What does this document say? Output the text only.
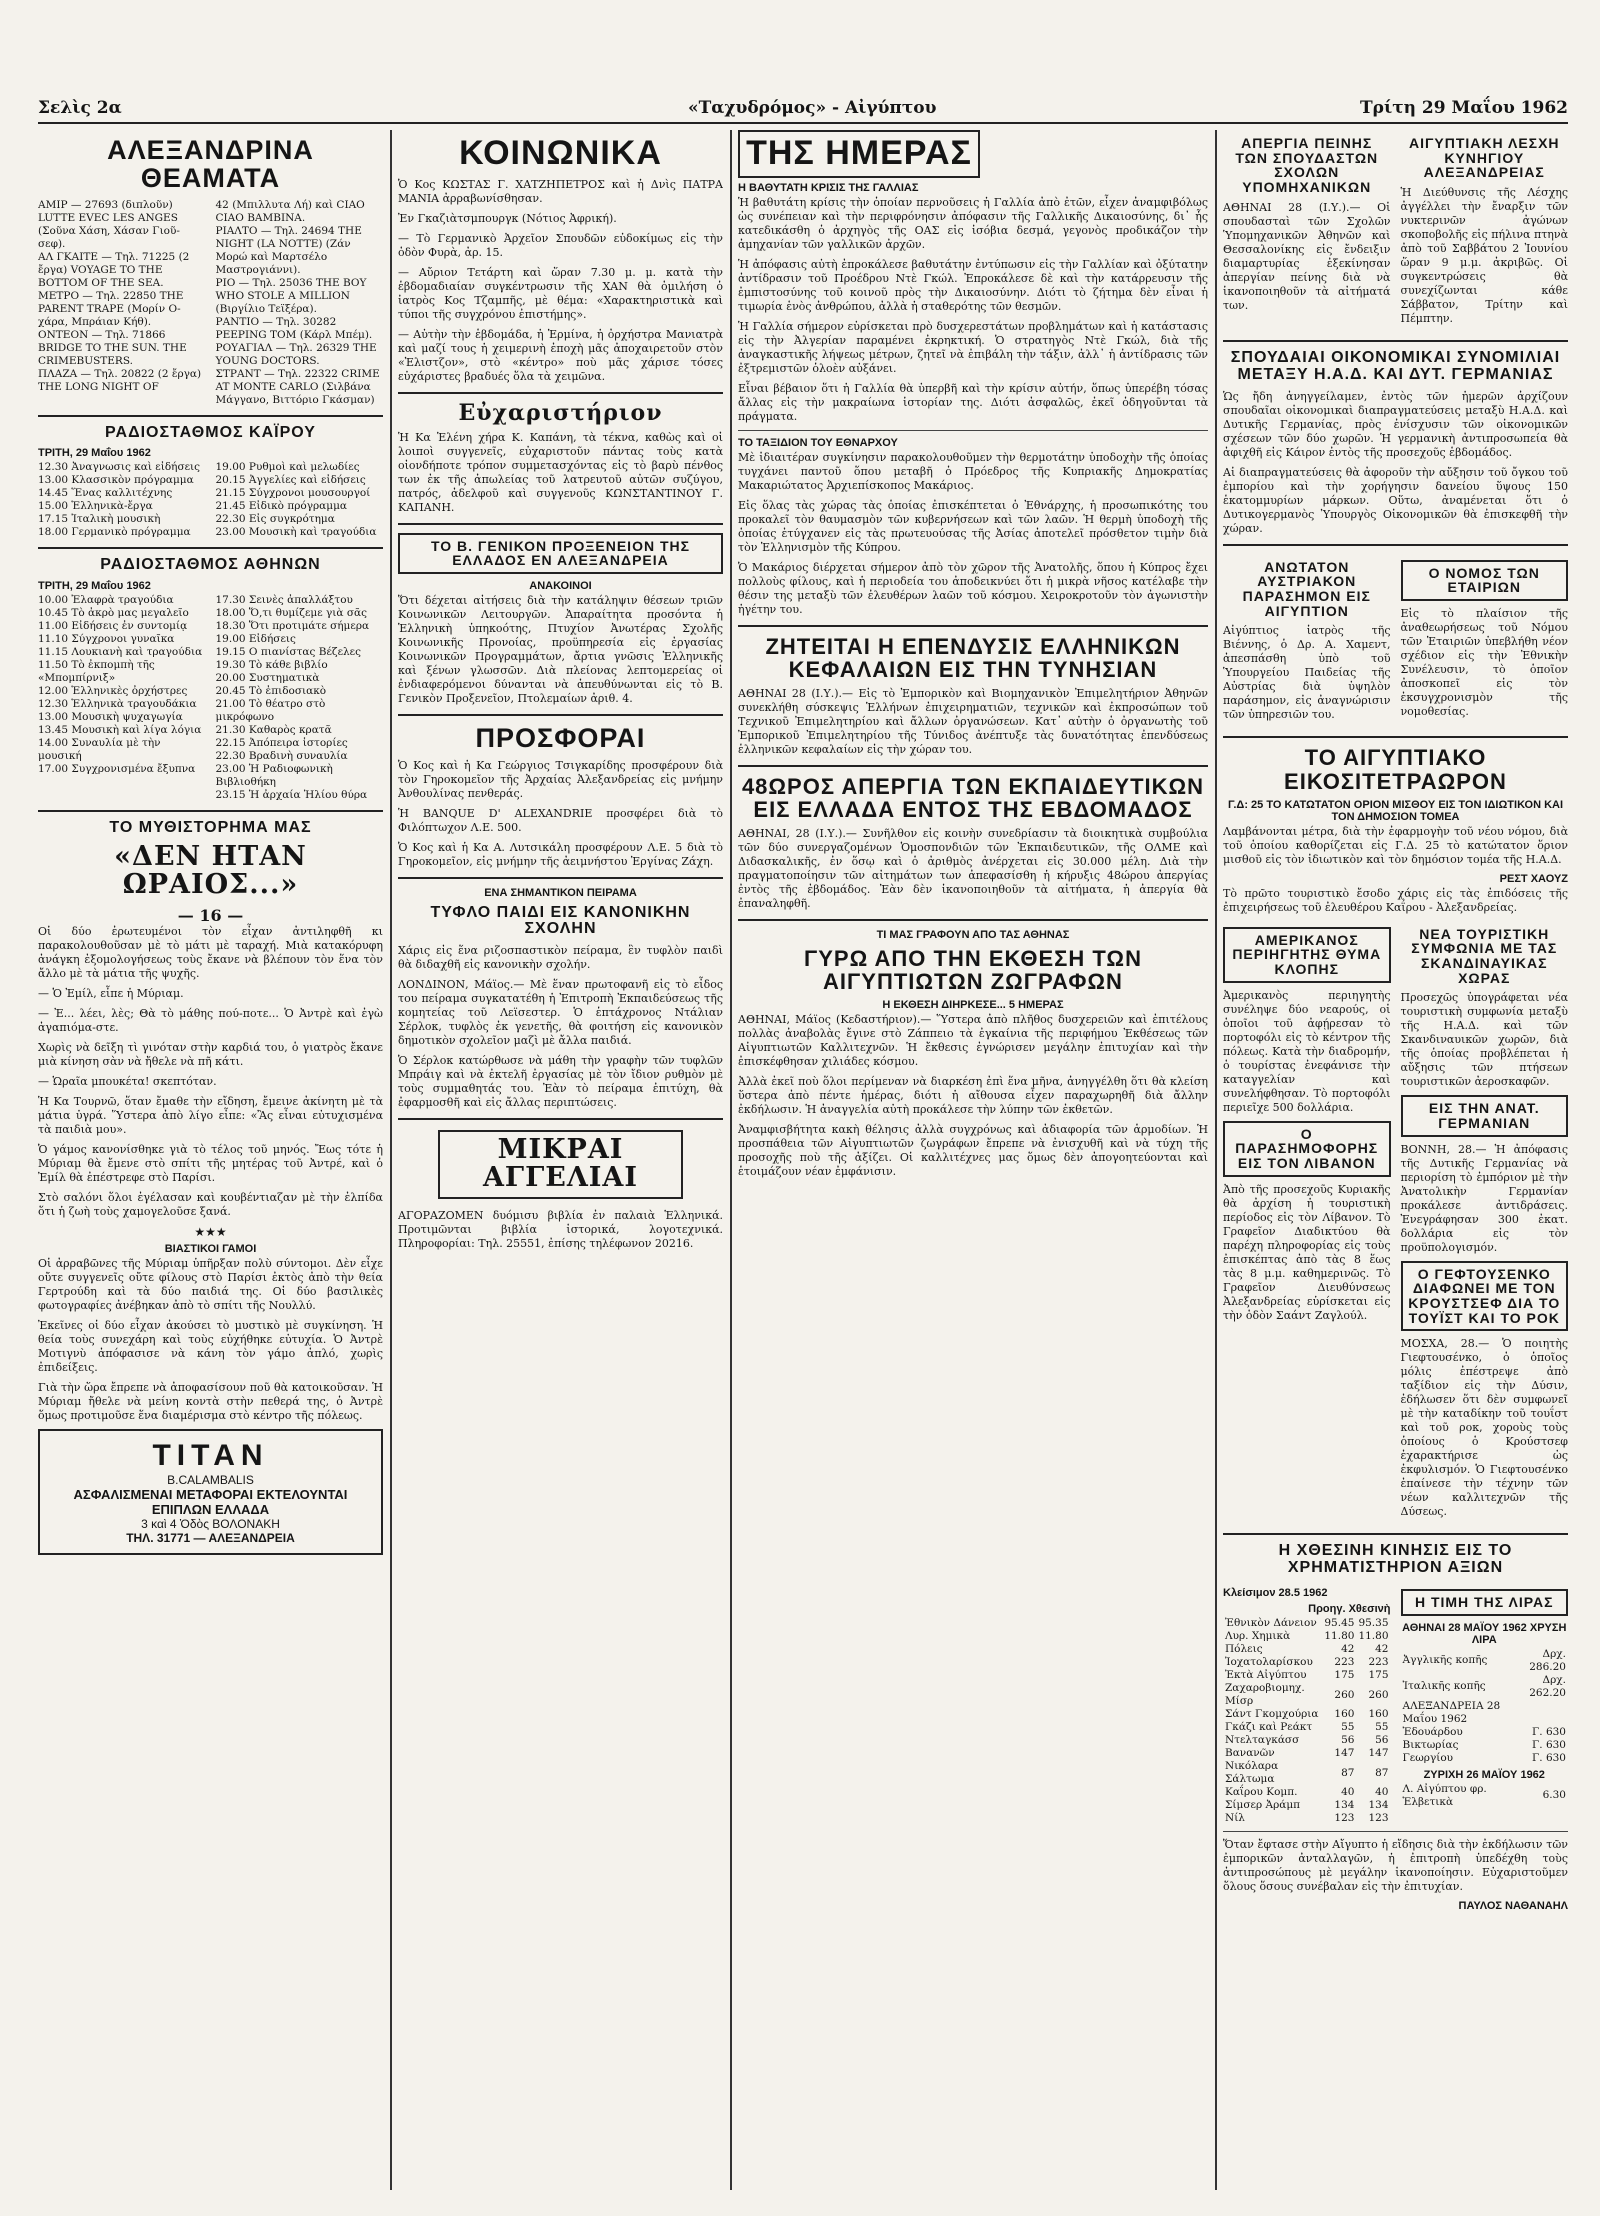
Σελὶς 2α	«Ταχυδρόμος» - Αἰγύπτου	Τρίτη 29 Μαΐου 1962
ΑΛΕΞΑΝΔΡΙΝΑ ΘΕΑΜΑΤΑ
ΑΜΙΡ — 27693 (διπλοῦν) LUTTE EVEC LES ANGES (Σοῦνα Χάση, Χάσαν Γιοῦ-σεφ).
ΑΛ ΓΚΑΙΤΕ — Τηλ. 71225 (2 ἔργα) VOYAGE TO THE BOTTOM OF THE SEA.
ΜΕΤΡΟ — Τηλ. 22850 THE PARENT TRAPE (Μορίν Ο-χάρα, Μπράιαν Κήθ).
ΟΝΤΕΟΝ — Τηλ. 71866 BRIDGE TO THE SUN. THE CRIMEBUSTERS.
ΠΛΑΖΑ — Τηλ. 20822 (2 ἔργα) THE LONG NIGHT OF
42 (Μπιλλυτα Λή) καὶ CIAO CIAO BAMBINA.
ΡΙΑΛΤΟ — Τηλ. 24694 THE NIGHT (LA NOTTE) (Ζάν Μορώ καὶ Μαρτσέλο Μαστρογιάννι).
ΡΙΟ — Τηλ. 25036 THE BOY WHO STOLE A MILLION (Βιργίλιο Τεϊξέρα).
ΡΑΝΤΙΟ — Τηλ. 30282 PEEPING TOM (Κάρλ Μπέμ).
ΡΟΥΑΓΙΑΛ — Τηλ. 26329 THE YOUNG DOCTORS.
ΣΤΡΑΝΤ — Τηλ. 22322 CRIME AT MONTE CARLO (Σιλβάνα Μάγγανο, Βιττόριο Γκάσμαν)
ΡΑΔΙΟΣΤΑΘΜΟΣ ΚΑΪΡΟΥ
ΤΡΙΤΗ, 29 Μαΐου 1962
12.30 Ἀναγνωσις καὶ εἰδήσεις
13.00 Κλασσικὸν πρόγραμμα
14.45 Ἕνας καλλιτέχνης
15.00 Ἑλληνικὰ-ἔργα
17.15 Ἰταλικὴ μουσικὴ
18.00 Γερμανικὸ πρόγραμμα
19.00 Ρυθμοὶ καὶ μελωδίες
20.15 Ἀγγελίες καὶ εἰδήσεις
21.15 Σύγχρονοι μουσουργοί
21.45 Εἰδικὸ πρόγραμμα
22.30 Εἰς συγκρότημα
23.00 Μουσικὴ καὶ τραγούδια
ΡΑΔΙΟΣΤΑΘΜΟΣ ΑΘΗΝΩΝ
ΤΡΙΤΗ, 29 Μαΐου 1962
10.00 Ἐλαφρὰ τραγούδια
10.45 Τὸ ἀκρὸ μας μεγαλεῖο
11.00 Εἰδήσεις ἐν συντομίᾳ
11.10 Σύγχρονοι γυναῖκα
11.15 Λουκιανὴ καὶ τραγούδια
11.50 Τὸ ἐκπομπὴ τῆς «Μπομπίρνιξ»
12.00 Ἑλληνικὲς ὀρχήστρες
12.30 Ἑλληνικὰ τραγουδάκια
13.00 Μουσικὴ ψυχαγωγία
13.45 Μουσικὴ καὶ λίγα λόγια
14.00 Συναυλία μὲ τὴν μουσική
17.00 Συγχρονισμένα ἔξυπνα
17.30 Σεινὲς ἀπαλλάξτου
18.00 Ὅ,τι θυμίζεμε γιὰ σᾶς
18.30 Ὅτι προτιμάτε σήμερα
19.00 Εἰδήσεις
19.15 Ο πιανίστας Βέζελες
19.30 Τὸ κάθε βιβλίο
20.00 Συστηματικὰ
20.45 Τὸ ἐπιδοσιακὸ
21.00 Τὸ θέατρο στὸ μικρόφωνο
21.30 Καθαρὸς κρατᾶ
22.15 Ἀπόπειρα ἱστορίες
22.30 Βραδινὴ συναυλία
23.00 Ἡ Ραδιοφωνικὴ Βιβλιοθήκη
23.15 Ἡ ἀρχαία Ἡλίου θύρα
ΤΟ ΜΥΘΙΣΤΟΡΗΜΑ ΜΑΣ
«ΔΕΝ ΗΤΑΝ ΩΡΑΙΟΣ...»
— 16 —

Οἱ δύο ἐρωτευμένοι τὸν εἶχαν ἀντιληφθῆ κι παρακολουθοῦσαν μὲ τὸ μάτι μὲ ταραχή. Μιὰ κατακόρυφη ἀνάγκη ἐξομολογήσεως τοὺς ἔκανε νὰ βλέπουν τὸν ἕνα τὸν ἄλλο μὲ τὰ μάτια τῆς ψυχῆς.

— Ὁ Ἐμίλ, εἶπε ἡ Μύριαμ.

— Ἐ... λέει, λὲς; Θὰ τὸ μάθης πού-ποτε... Ὁ Ἀντρὲ καὶ ἐγὼ ἀγαπιόμα-στε.

Χωρὶς νὰ δεῖξη τὶ γινόταν στὴν καρδιά του, ὁ γιατρὸς ἔκανε μιὰ κίνηση σὰν νὰ ἤθελε νὰ πῆ κάτι.

— Ὡραῖα μπουκέτα! σκεπτόταν.

Ἡ Κα Τουρνῶ, ὅταν ἔμαθε τὴν εἴδηση, ἔμεινε ἀκίνητη μὲ τὰ μάτια ὑγρά. Ὕστερα ἀπὸ λίγο εἶπε: «Ἂς εἶναι εὐτυχισμένα τὰ παιδιὰ μου».

Ὁ γάμος κανονίσθηκε γιὰ τὸ τέλος τοῦ μηνός. Ἔως τότε ἡ Μύριαμ θὰ ἔμενε στὸ σπίτι τῆς μητέρας τοῦ Ἀντρέ, καὶ ὁ Ἐμίλ θὰ ἐπέστρεφε στὸ Παρίσι.

Στὸ σαλόνι ὅλοι ἐγέλασαν καὶ κουβέντιαζαν μὲ τὴν ἐλπίδα ὅτι ἡ ζωὴ τοὺς χαμογελοῦσε ξανά.

★★★
ΒΙΑΣΤΙΚΟΙ ΓΑΜΟΙ

Οἱ ἀρραβῶνες τῆς Μύριαμ ὑπῆρξαν πολὺ σύντομοι. Δὲν εἶχε οὔτε συγγενεῖς οὔτε φίλους στὸ Παρίσι ἐκτὸς ἀπὸ τὴν θεία Γερτρούδη καὶ τὰ δύο παιδιά της. Οἱ δύο βασιλικὲς φωτογραφίες ἀνέβηκαν ἀπὸ τὸ σπίτι τῆς Νουλλύ.

Ἐκεῖνες οἱ δύο εἶχαν ἀκούσει τὸ μυστικὸ μὲ συγκίνηση. Ἡ θεία τοὺς συνεχάρη καὶ τοὺς εὐχήθηκε εὐτυχία. Ὁ Ἀντρὲ Μοτιγνὺ ἀπόφασισε νὰ κάνη τὸν γάμο ἁπλό, χωρὶς ἐπιδείξεις.

Γιὰ τὴν ὥρα ἔπρεπε νὰ ἀποφασίσουν ποῦ θὰ κατοικοῦσαν. Ἡ Μύριαμ ἤθελε νὰ μείνη κοντὰ στὴν πεθερά της, ὁ Ἀντρὲ ὅμως προτιμοῦσε ἕνα διαμέρισμα στὸ κέντρο τῆς πόλεως.

ΤΙΤΑΝ
B.CALAMBALIS
ΑΣΦΑΛΙΣΜΕΝΑΙ ΜΕΤΑΦΟΡΑΙ ΕΚΤΕΛΟΥΝΤΑΙ
ΕΠΙΠΛΩΝ ΕΛΛΑΔΑ
3 καὶ 4 Ὁδὸς ΒΟΛΟΝΑΚΗ
ΤΗΛ. 31771 — ΑΛΕΞΑΝΔΡΕΙΑ
ΚΟΙΝΩΝΙΚΑ

Ὁ Κος ΚΩΣΤΑΣ Γ. ΧΑΤΖΗΠΕΤΡΟΣ καὶ ἡ Δνὶς ΠΑΤΡΑ ΜΑΝΙΑ ἀρραβωνίσθησαν.

Ἐν Γκαζιὰτσμπουργκ (Νότιος Ἀφρική).

— Τὸ Γερμανικὸ Ἀρχεῖον Σπουδῶν εὐδοκίμως εἰς τὴν ὁδὸν Φυρὰ, ἀρ. 15.

— Αὔριον Τετάρτη καὶ ὥραν 7.30 μ. μ. κατὰ τὴν ἑβδομαδιαίαν συγκέντρωσιν τῆς ΧΑΝ θὰ ὁμιλήση ὁ ἰατρὸς Κος Τζαμπῆς, μὲ θέμα: «Χαρακτηριστικὰ καὶ τύποι τῆς συγχρόνου ἐπιστήμης».

— Αὐτὴν τὴν ἑβδομάδα, ἡ Ἑρμίνα, ἡ ὀρχήστρα Μανιατρὰ καὶ μαζί τους ἡ χειμερινὴ ἐποχὴ μᾶς ἀποχαιρετοῦν στὸν «Ἑλιστζον», στὸ «κέντρο» ποὺ μᾶς χάρισε τόσες εὐχάριστες βραδυές ὅλα τὰ χειμῶνα.

Εὐχαριστήριον

Ἡ Κα Ἑλένη χήρα Κ. Καπάνη, τὰ τέκνα, καθὼς καὶ οἱ λοιποὶ συγγενεῖς, εὐχαριστοῦν πάντας τοὺς κατὰ οἰονδήποτε τρόπον συμμετασχόντας εἰς τὸ βαρὺ πένθος των ἐκ τῆς ἀπωλείας τοῦ λατρευτοῦ αὐτῶν συζύγου, πατρός, ἀδελφοῦ καὶ συγγενοῦς ΚΩΝΣΤΑΝΤΙΝΟΥ Γ. ΚΑΠΑΝΗ.

ΤΟ Β. ΓΕΝΙΚΟΝ ΠΡΟΞΕΝΕΙΟΝ ΤΗΣ ΕΛΛΑΔΟΣ ΕΝ ΑΛΕΞΑΝΔΡΕΙΑ
ΑΝΑΚΟΙΝΟΙ

Ὅτι δέχεται αἰτήσεις διὰ τὴν κατάληψιν θέσεων τριῶν Κοινωνικῶν Λειτουργῶν. Ἀπαραίτητα προσόντα ἡ Ἑλληνικὴ ὑπηκοότης, Πτυχίον Ἀνωτέρας Σχολῆς Κοινωνικῆς Προνοίας, προϋπηρεσία εἰς ἐργασίας Κοινωνικῶν Προγραμμάτων, ἄρτια γνῶσις Ἑλληνικῆς καὶ ξένων γλωσσῶν. Διὰ πλείονας λεπτομερείας οἱ ἐνδιαφερόμενοι δύνανται νὰ ἀπευθύνωνται εἰς τὸ Β. Γενικὸν Προξενεῖον, Πτολεμαίων ἀριθ. 4.

ΠΡΟΣΦΟΡΑΙ

Ὁ Κος καὶ ἡ Κα Γεώργιος Τσιγκαρίδης προσφέρουν διὰ τὸν Γηροκομεῖον τῆς Ἀρχαίας Ἀλεξανδρείας εἰς μνήμην Ἀνθουλίνας πενθεράς.

Ἡ BANQUE D' ALEXANDRIE προσφέρει διὰ τὸ Φιλόπτωχον Λ.Ε. 500.

Ὁ Κος καὶ ἡ Κα Α. Λυτσικάλη προσφέρουν Λ.Ε. 5 διὰ τὸ Γηροκομεῖον, εἰς μνήμην τῆς ἀειμνήστου Ἐργίνας Ζάχη.

ΕΝΑ ΣΗΜΑΝΤΙΚΟΝ ΠΕΙΡΑΜΑ
ΤΥΦΛΟ ΠΑΙΔΙ ΕΙΣ ΚΑΝΟΝΙΚΗΝ ΣΧΟΛΗΝ

Χάρις εἰς ἕνα ριζοσπαστικὸν πείραμα, ἓν τυφλὸν παιδὶ θὰ διδαχθῆ εἰς κανονικὴν σχολήν.

ΛΟΝΔΙΝΟΝ, Μάϊος.— Μὲ ἕναν πρωτοφανῆ εἰς τὸ εἶδος του πείραμα συγκατατέθη ἡ Ἐπιτροπὴ Ἐκπαιδεύσεως τῆς κομητείας τοῦ Λεϊσεστερ. Ὁ ἑπτάχρονος Ντάλιαν Σέρλοκ, τυφλὸς ἐκ γενετῆς, θὰ φοιτήση εἰς κανονικὸν δημοτικὸν σχολεῖον μαζὶ μὲ ἄλλα παιδιά.

Ὁ Σέρλοκ κατώρθωσε νὰ μάθη τὴν γραφὴν τῶν τυφλῶν Μπράιγ καὶ νὰ ἐκτελῆ ἐργασίας μὲ τὸν ἴδιον ρυθμὸν μὲ τοὺς συμμαθητάς του. Ἐὰν τὸ πείραμα ἐπιτύχη, θὰ ἐφαρμοσθῆ καὶ εἰς ἄλλας περιπτώσεις.

ΜΙΚΡΑΙ ΑΓΓΕΛΙΑΙ

ΑΓΟΡΑΖΟΜΕΝ δυόμισυ βιβλία ἐν παλαιὰ Ἑλληνικά. Προτιμῶνται βιβλία ἱστορικά, λογοτεχνικά. Πληροφορίαι: Τηλ. 25551, ἐπίσης τηλέφωνον 20216.

ΤΗΣ ΗΜΕΡΑΣ
Η ΒΑΘΥΤΑΤΗ ΚΡΙΣΙΣ ΤΗΣ ΓΑΛΛΙΑΣ

Ἡ βαθυτάτη κρίσις τὴν ὁποίαν περνοῦσεις ἡ Γαλλία ἀπὸ ἐτῶν, εἶχεν ἀναμφιβόλως ὡς συνέπειαν καὶ τὴν περιφρόνησιν ἀπόφασιν τῆς Γαλλικῆς Δικαιοσύνης, δι᾽ ἧς κατεδικάσθη ὁ ἀρχηγὸς τῆς ΟΑΣ εἰς ἰσόβια δεσμά, γεγονὸς προδικάζον τὴν ἀμηχανίαν τῶν γαλλικῶν ἀρχῶν.

Ἡ ἀπόφασις αὐτὴ ἐπροκάλεσε βαθυτάτην ἐντύπωσιν εἰς τὴν Γαλλίαν καὶ ὀξύτατην ἀντίδρασιν τοῦ Προέδρου Ντὲ Γκώλ. Ἐπροκάλεσε δὲ καὶ τὴν κατάρρευσιν τῆς ἐμπιστοσύνης τοῦ κοινοῦ πρὸς τὴν Δικαιοσύνην. Διότι τὸ ζήτημα δὲν εἶναι ἡ τιμωρία ἑνὸς ἀνθρώπου, ἀλλὰ ἡ σταθερότης τῶν θεσμῶν.

Ἡ Γαλλία σήμερον εὑρίσκεται πρὸ δυσχερεστάτων προβλημάτων καὶ ἡ κατάστασις εἰς τὴν Ἀλγερίαν παραμένει ἐκρηκτική. Ὁ στρατηγὸς Ντὲ Γκώλ, διὰ τῆς ἀναγκαστικῆς λήψεως μέτρων, ζητεῖ νὰ ἐπιβάλη τὴν τάξιν, ἀλλ᾽ ἡ ἀντίδρασις τῶν ἐξτρεμιστῶν ὁλοὲν αὐξάνει.

Εἶναι βέβαιον ὅτι ἡ Γαλλία θὰ ὑπερβῆ καὶ τὴν κρίσιν αὐτήν, ὅπως ὑπερέβη τόσας ἄλλας εἰς τὴν μακραίωνα ἱστορίαν της. Διότι ἀσφαλῶς, ἐκεῖ ὁδηγοῦνται τὰ πράγματα.

ΤΟ ΤΑΞΙΔΙΟΝ ΤΟΥ ΕΘΝΑΡΧΟΥ

Μὲ ἰδιαιτέραν συγκίνησιν παρακολουθοῦμεν τὴν θερμοτάτην ὑποδοχὴν τῆς ὁποίας τυγχάνει παντοῦ ὅπου μεταβῆ ὁ Πρόεδρος τῆς Κυπριακῆς Δημοκρατίας Μακαριώτατος Ἀρχιεπίσκοπος Μακάριος.

Εἰς ὅλας τὰς χώρας τὰς ὁποίας ἐπισκέπτεται ὁ Ἐθνάρχης, ἡ προσωπικότης του προκαλεῖ τὸν θαυμασμὸν τῶν κυβερνήσεων καὶ τῶν λαῶν. Ἡ θερμὴ ὑποδοχὴ τῆς ὁποίας ἐτύγχανεν εἰς τὰς πρωτευούσας τῆς Ἀσίας ἀποτελεῖ πρόσθετον τιμὴν διὰ τὸν Ἑλληνισμὸν τῆς Κύπρου.

Ὁ Μακάριος διέρχεται σήμερον ἀπὸ τὸν χῶρον τῆς Ἀνατολῆς, ὅπου ἡ Κύπρος ἔχει πολλοὺς φίλους, καὶ ἡ περιοδεία του ἀποδεικνύει ὅτι ἡ μικρὰ νῆσος κατέλαβε τὴν θέσιν της μεταξὺ τῶν ἐλευθέρων λαῶν τοῦ κόσμου. Χειροκροτοῦν τὸν ἀγωνιστὴν ἡγέτην του.

ΖΗΤΕΙΤΑΙ Η ΕΠΕΝΔΥΣΙΣ ΕΛΛΗΝΙΚΩΝ ΚΕΦΑΛΑΙΩΝ ΕΙΣ ΤΗΝ ΤΥΝΗΣΙΑΝ

ΑΘΗΝΑΙ 28 (Ι.Υ.).— Εἰς τὸ Ἐμπορικὸν καὶ Βιομηχανικὸν Ἐπιμελητήριον Ἀθηνῶν συνεκλήθη σύσκεψις Ἑλλήνων ἐπιχειρηματιῶν, τεχνικῶν καὶ ἐκπροσώπων τοῦ Τεχνικοῦ Ἐπιμελητηρίου καὶ ἄλλων ὀργανώσεων. Κατ᾽ αὐτὴν ὁ ὀργανωτὴς τοῦ Ἐμπορικοῦ Ἐπιμελητηρίου τῆς Τύνιδος ἀνέπτυξε τὰς δυνατότητας ἐπενδύσεως ἑλληνικῶν κεφαλαίων εἰς τὴν χώραν του.

48ΩΡΟΣ ΑΠΕΡΓΙΑ ΤΩΝ ΕΚΠΑΙΔΕΥΤΙΚΩΝ ΕΙΣ ΕΛΛΑΔΑ ΕΝΤΟΣ ΤΗΣ ΕΒΔΟΜΑΔΟΣ

ΑΘΗΝΑΙ, 28 (Ι.Υ.).— Συνῆλθον εἰς κοινὴν συνεδρίασιν τὰ διοικητικὰ συμβούλια τῶν δύο συνεργαζομένων Ὁμοσπονδιῶν τῶν Ἐκπαιδευτικῶν, τῆς ΟΛΜΕ καὶ Διδασκαλικῆς, ἐν ὅσῳ καὶ ὁ ἀριθμὸς ἀνέρχεται εἰς 30.000 μέλη. Διὰ τὴν πραγματοποίησιν τῶν αἰτημάτων των ἀπεφασίσθη ἡ κήρυξις 48ώρου ἀπεργίας ἐντὸς τῆς ἐβδομάδος. Ἐὰν δὲν ἱκανοποιηθοῦν τὰ αἰτήματα, ἡ ἀπεργία θὰ ἐπαναληφθῆ.

ΤΙ ΜΑΣ ΓΡΑΦΟΥΝ ΑΠΟ ΤΑΣ ΑΘΗΝΑΣ
ΓΥΡΩ ΑΠΟ ΤΗΝ ΕΚΘΕΣΗ ΤΩΝ ΑΙΓΥΠΤΙΩΤΩΝ ΖΩΓΡΑΦΩΝ
Η ΕΚΘΕΣΗ ΔΙΗΡΚΕΣΕ... 5 ΗΜΕΡΑΣ

ΑΘΗΝΑΙ, Μάϊος (Κεδαστήριον).— Ὕστερα ἀπὸ πλῆθος δυσχερειῶν καὶ ἐπιτέλους πολλὰς ἀναβολὰς ἔγινε στὸ Ζάππειο τὰ ἐγκαίνια τῆς περιφήμου Ἐκθέσεως τῶν Αἰγυπτιωτῶν Καλλιτεχνῶν. Ἡ ἔκθεσις ἐγνώρισεν μεγάλην ἐπιτυχίαν καὶ τὴν ἐπισκέφθησαν χιλιάδες κόσμου.

Ἀλλὰ ἐκεῖ ποὺ ὅλοι περίμεναν νὰ διαρκέση ἐπὶ ἕνα μῆνα, ἀνηγγέλθη ὅτι θὰ κλείση ὕστερα ἀπὸ πέντε ἡμέρας, διότι ἡ αἴθουσα εἶχεν παραχωρηθῆ διὰ ἄλλην ἐκδήλωσιν. Ἡ ἀναγγελία αὐτὴ προκάλεσε τὴν λύπην τῶν ἐκθετῶν.

Ἀναμφισβήτητα κακὴ θέλησις ἀλλὰ συγχρόνως καὶ ἀδιαφορία τῶν ἁρμοδίων. Ἡ προσπάθεια τῶν Αἰγυπτιωτῶν ζωγράφων ἔπρεπε νὰ ἐνισχυθῆ καὶ νὰ τύχη τῆς προσοχῆς ποὺ τῆς ἀξίζει. Οἱ καλλιτέχνες μας ὅμως δὲν ἀπογοητεύονται καὶ ἑτοιμάζουν νέαν ἐμφάνισιν.

ΑΠΕΡΓΙΑ ΠΕΙΝΗΣ ΤΩΝ ΣΠΟΥΔΑΣΤΩΝ ΣΧΟΛΩΝ ΥΠΟΜΗΧΑΝΙΚΩΝ

ΑΘΗΝΑΙ 28 (Ι.Υ.).— Οἱ σπουδασταὶ τῶν Σχολῶν Ὑπομηχανικῶν Ἀθηνῶν καὶ Θεσσαλονίκης εἰς ἔνδειξιν διαμαρτυρίας ἐξεκίνησαν ἀπεργίαν πείνης διὰ νὰ ἱκανοποιηθοῦν τὰ αἰτήματά των.

ΑΙΓΥΠΤΙΑΚΗ ΛΕΣΧΗ ΚΥΝΗΓΙΟΥ ΑΛΕΞΑΝΔΡΕΙΑΣ

Ἡ Διεύθυνσις τῆς Λέσχης ἀγγέλλει τὴν ἔναρξιν τῶν νυκτερινῶν ἀγώνων σκοποβολῆς εἰς πήλινα πτηνὰ ἀπὸ τοῦ Σαββάτου 2 Ἰουνίου ὥραν 9 μ.μ. ἀκριβῶς. Οἱ συγκεντρώσεις θὰ συνεχίζωνται κάθε Σάββατον, Τρίτην καὶ Πέμπτην.

ΣΠΟΥΔΑΙΑΙ ΟΙΚΟΝΟΜΙΚΑΙ ΣΥΝΟΜΙΛΙΑΙ ΜΕΤΑΞΥ Η.Α.Δ. ΚΑΙ ΔΥΤ. ΓΕΡΜΑΝΙΑΣ

Ὡς ἤδη ἀνηγγείλαμεν, ἐντὸς τῶν ἡμερῶν ἀρχίζουν σπουδαῖαι οἰκονομικαὶ διαπραγματεύσεις μεταξὺ Η.Α.Δ. καὶ Δυτικῆς Γερμανίας, πρὸς ἐνίσχυσιν τῶν οἰκονομικῶν σχέσεων τῶν δύο χωρῶν. Ἡ γερμανικὴ ἀντιπροσωπεία θὰ ἀφιχθῆ εἰς Κάιρον ἐντὸς τῆς προσεχοῦς ἑβδομάδος.

Αἱ διαπραγματεύσεις θὰ ἀφοροῦν τὴν αὔξησιν τοῦ ὄγκου τοῦ ἐμπορίου καὶ τὴν χορήγησιν δανείου ὕψους 150 ἑκατομμυρίων μάρκων. Οὕτω, ἀναμένεται ὅτι ὁ Δυτικογερμανὸς Ὑπουργὸς Οἰκονομικῶν θὰ ἐπισκεφθῆ τὴν χώραν.

ΑΝΩΤΑΤΟΝ ΑΥΣΤΡΙΑΚΟΝ ΠΑΡΑΣΗΜΟΝ ΕΙΣ ΑΙΓΥΠΤΙΟΝ

Αἰγύπτιος ἰατρὸς τῆς Βιέννης, ὁ Δρ. Α. Χαμεντ, ἀπεσπάσθη ὑπὸ τοῦ Ὑπουργείου Παιδείας τῆς Αὐστρίας διὰ ὑψηλὸν παράσημον, εἰς ἀναγνώρισιν τῶν ὑπηρεσιῶν του.

Ο ΝΟΜΟΣ ΤΩΝ ΕΤΑΙΡΙΩΝ

Εἰς τὸ πλαίσιον τῆς ἀναθεωρήσεως τοῦ Νόμου τῶν Ἑταιριῶν ὑπεβλήθη νέον σχέδιον εἰς τὴν Ἐθνικὴν Συνέλευσιν, τὸ ὁποῖον ἀποσκοπεῖ εἰς τὸν ἐκσυγχρονισμὸν τῆς νομοθεσίας.

ΤΟ ΑΙΓΥΠΤΙΑΚΟ ΕΙΚΟΣΙΤΕΤΡΑΩΡΟΝ
Γ.Δ: 25 ΤΟ ΚΑΤΩΤΑΤΟΝ ΟΡΙΟΝ ΜΙΣΘΟΥ ΕΙΣ ΤΟΝ ΙΔΙΩΤΙΚΟΝ ΚΑΙ ΤΟΝ ΔΗΜΟΣΙΟΝ ΤΟΜΕΑ

Λαμβάνονται μέτρα, διὰ τὴν ἐφαρμογὴν τοῦ νέου νόμου, διὰ τοῦ ὁποίου καθορίζεται εἰς Γ.Δ. 25 τὸ κατώτατον ὅριον μισθοῦ εἰς τὸν ἰδιωτικὸν καὶ τὸν δημόσιον τομέα τῆς Η.Α.Δ.

ΡΕΣΤ ΧΑΟΥΖ

Τὸ πρῶτο τουριστικὸ ἔσοδο χάρις εἰς τὰς ἐπιδόσεις τῆς ἐπιχειρήσεως τοῦ ἐλευθέρου Καΐρου - Ἀλεξανδρείας.

ΑΜΕΡΙΚΑΝΟΣ ΠΕΡΙΗΓΗΤΗΣ ΘΥΜΑ ΚΛΟΠΗΣ

Ἀμερικανὸς περιηγητὴς συνέληψε δύο νεαρούς, οἱ ὁποῖοι τοῦ ἀφῄρεσαν τὸ πορτοφόλι εἰς τὸ κέντρον τῆς πόλεως. Κατὰ τὴν διαδρομήν, ὁ τουρίστας ἐνεφάνισε τὴν καταγγελίαν καὶ συνελήφθησαν. Τὸ πορτοφόλι περιεῖχε 500 δολλάρια.

Ο ΠΑΡΑΣΗΜΟΦΟΡΗΣ ΕΙΣ ΤΟΝ ΛΙΒΑΝΟΝ

Ἀπὸ τῆς προσεχοῦς Κυριακῆς θὰ ἀρχίση ἡ τουριστικὴ περίοδος εἰς τὸν Λίβανον. Τὸ Γραφεῖον Διαδικτύου θὰ παρέχη πληροφορίας εἰς τοὺς ἐπισκέπτας ἀπὸ τὰς 8 ἕως τὰς 8 μ.μ. καθημερινῶς. Τὸ Γραφεῖον Διευθύνσεως Ἀλεξανδρείας εὑρίσκεται εἰς τὴν ὁδὸν Σαάντ Ζαγλούλ.

ΝΕΑ ΤΟΥΡΙΣΤΙΚΗ ΣΥΜΦΩΝΙΑ ΜΕ ΤΑΣ ΣΚΑΝΔΙΝΑΥΙΚΑΣ ΧΩΡΑΣ

Προσεχῶς ὑπογράφεται νέα τουριστικὴ συμφωνία μεταξὺ τῆς Η.Α.Δ. καὶ τῶν Σκανδιναυικῶν χωρῶν, διὰ τῆς ὁποίας προβλέπεται ἡ αὔξησις τῶν πτήσεων τουριστικῶν ἀεροσκαφῶν.

ΕΙΣ ΤΗΝ ΑΝΑΤ. ΓΕΡΜΑΝΙΑΝ

ΒΟΝΝΗ, 28.— Ἡ ἀπόφασις τῆς Δυτικῆς Γερμανίας νὰ περιορίση τὸ ἐμπόριον μὲ τὴν Ἀνατολικὴν Γερμανίαν προκάλεσε ἀντιδράσεις. Ἐνεγράφησαν 300 ἐκατ. δολλάρια εἰς τὸν προϋπολογισμόν.

Ο ΓΕΦΤΟΥΣΕΝΚΟ ΔΙΑΦΩΝΕΙ ΜΕ ΤΟΝ ΚΡΟΥΣΤΣΕΦ ΔΙΑ ΤΟ ΤΟΥΪΣΤ ΚΑΙ ΤΟ ΡΟΚ

ΜΟΣΧΑ, 28.— Ὁ ποιητὴς Γιεφτουσένκο, ὁ ὁποῖος μόλις ἐπέστρεψε ἀπὸ ταξίδιον εἰς τὴν Δύσιν, ἐδήλωσεν ὅτι δὲν συμφωνεῖ μὲ τὴν καταδίκην τοῦ τουΐστ καὶ τοῦ ροκ, χοροὺς τοὺς ὁποίους ὁ Κρούστσεφ ἐχαρακτήρισε ὡς ἐκφυλισμόν. Ὁ Γιεφτουσένκο ἐπαίνεσε τὴν τέχνην τῶν νέων καλλιτεχνῶν τῆς Δύσεως.

Η ΧΘΕΣΙΝΗ ΚΙΝΗΣΙΣ ΕΙΣ ΤΟ ΧΡΗΜΑΤΙΣΤΗΡΙΟΝ ΑΞΙΩΝ
Κλείσιμον 28.5 1962
Προηγ. Χθεσινὴ
Ἐθνικὸν Δάνειον	95.45	95.35
Λυρ. Χημικὰ	11.80	11.80
Πόλεις	42	42
Ἰοχατολαρίσκου	223	223
Ἐκτὰ Αἰγύπτου	175	175
Ζαχαροβιομηχ. Μίσρ	260	260
Σάντ Γκομχούρια	160	160
Γκάζι καὶ Ρεάκτ	55	55
Ντελταγκάσσ	56	56
Βανανῶν	147	147
Νικόλαρα Σάλτωμα	87	87
Καΐρου Κομπ.	40	40
Σίμσερ Ἀράμπ	134	134
Νίλ	123	123
Η ΤΙΜΗ ΤΗΣ ΛΙΡΑΣ
ΑΘΗΝΑΙ 28 ΜΑΪΟΥ 1962 ΧΡΥΣΗ ΛΙΡΑ
Ἀγγλικῆς κοπῆς	Δρχ. 286.20
Ἰταλικῆς κοπῆς	Δρχ. 262.20
ΑΛΕΞΑΝΔΡΕΙΑ 28 Μαΐου 1962	
Ἐδουάρδου	Γ. 630
Βικτωρίας	Γ. 630
Γεωργίου	Γ. 630
ΖΥΡΙΧΗ 26 ΜΑΪΟΥ 1962
Λ. Αἰγύπτου φρ. Ἑλβετικὰ	6.30

Ὅταν ἔφτασε στὴν Αἴγυπτο ἡ εἴδησις διὰ τὴν ἐκδήλωσιν τῶν ἐμπορικῶν ἀνταλλαγῶν, ἡ ἐπιτροπὴ ὑπεδέχθη τοὺς ἀντιπροσώπους μὲ μεγάλην ἱκανοποίησιν. Εὐχαριστοῦμεν ὅλους ὅσους συνέβαλαν εἰς τὴν ἐπιτυχίαν.

ΠΑΥΛΟΣ ΝΑΘΑΝΑΗΛ
